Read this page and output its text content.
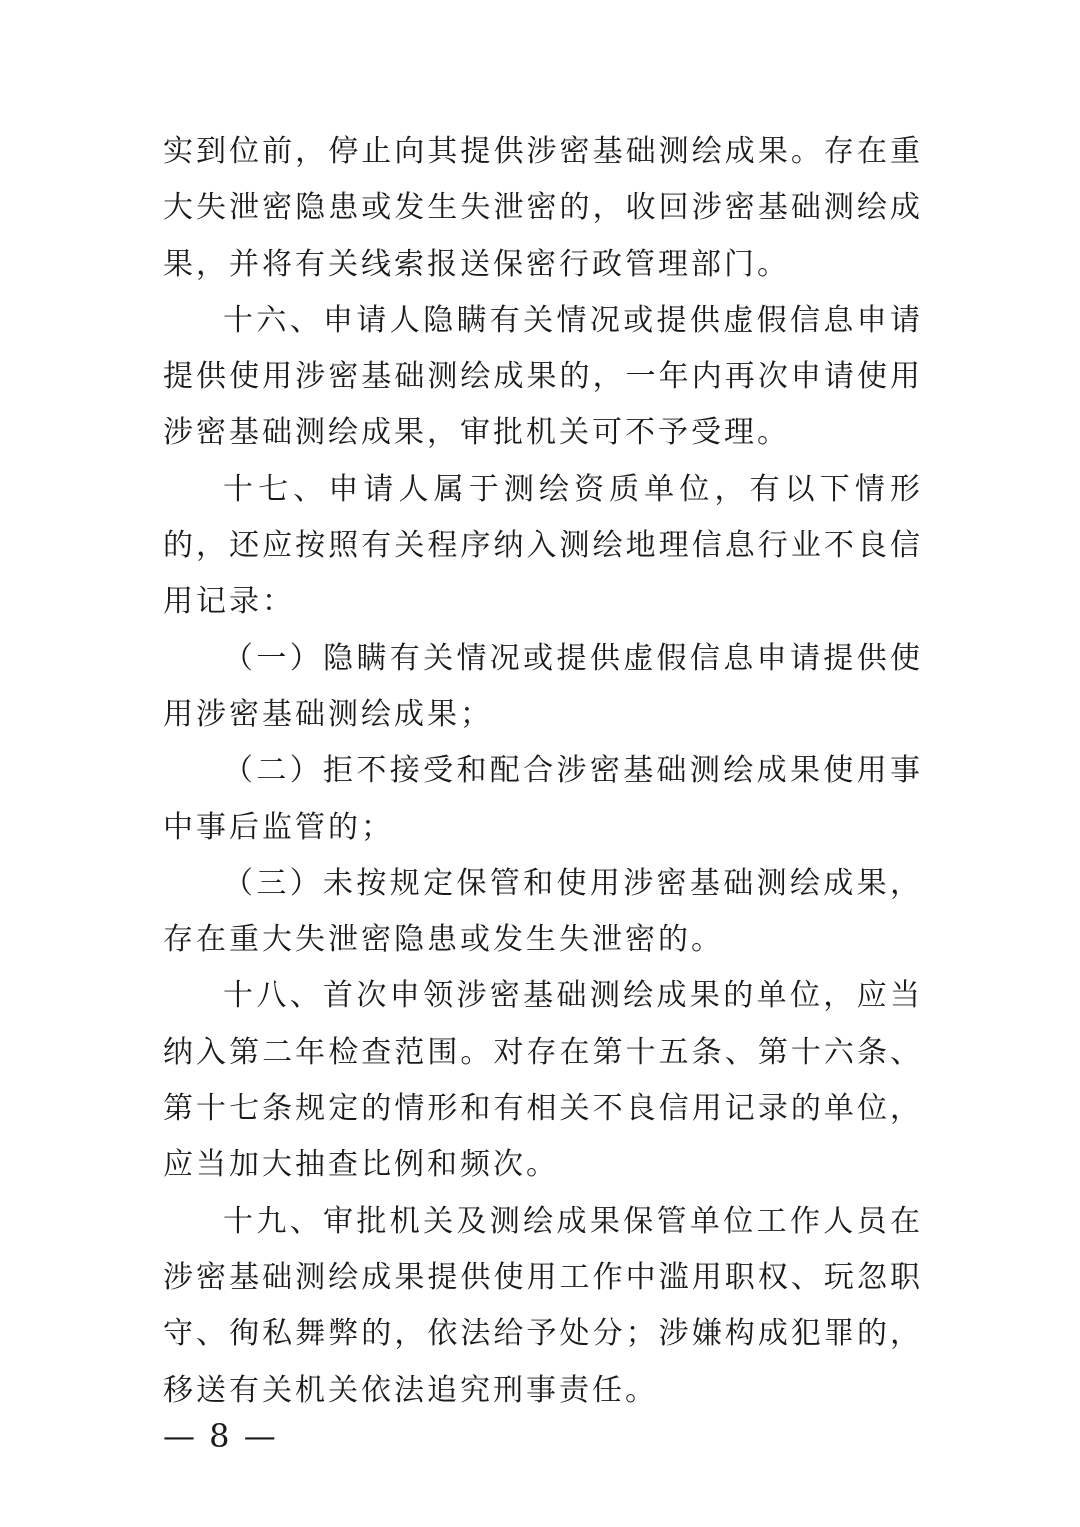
实到位前，停止向其提供涉密基础测绘成果。存在重大失泄密隐患或发生失泄密的，收回涉密基础测绘成果，并将有关线索报送保密行政管理部门。

十六、申请人隐瞒有关情况或提供虚假信息申请提供使用涉密基础测绘成果的，一年内再次申请使用涉密基础测绘成果，审批机关可不予受理。

十七、申请人属于测绘资质单位，有以下情形的，还应按照有关程序纳入测绘地理信息行业不良信用记录：

（一）隐瞒有关情况或提供虚假信息申请提供使用涉密基础测绘成果；

（二）拒不接受和配合涉密基础测绘成果使用事中事后监管的；

（三）未按规定保管和使用涉密基础测绘成果，存在重大失泄密隐患或发生失泄密的。

十八、首次申领涉密基础测绘成果的单位，应当纳入第二年检查范围。对存在第十五条、第十六条、第十七条规定的情形和有相关不良信用记录的单位，应当加大抽查比例和频次。

十九、审批机关及测绘成果保管单位工作人员在涉密基础测绘成果提供使用工作中滥用职权、玩忽职守、徇私舞弊的，依法给予处分；涉嫌构成犯罪的，移送有关机关依法追究刑事责任。

— 8 —
